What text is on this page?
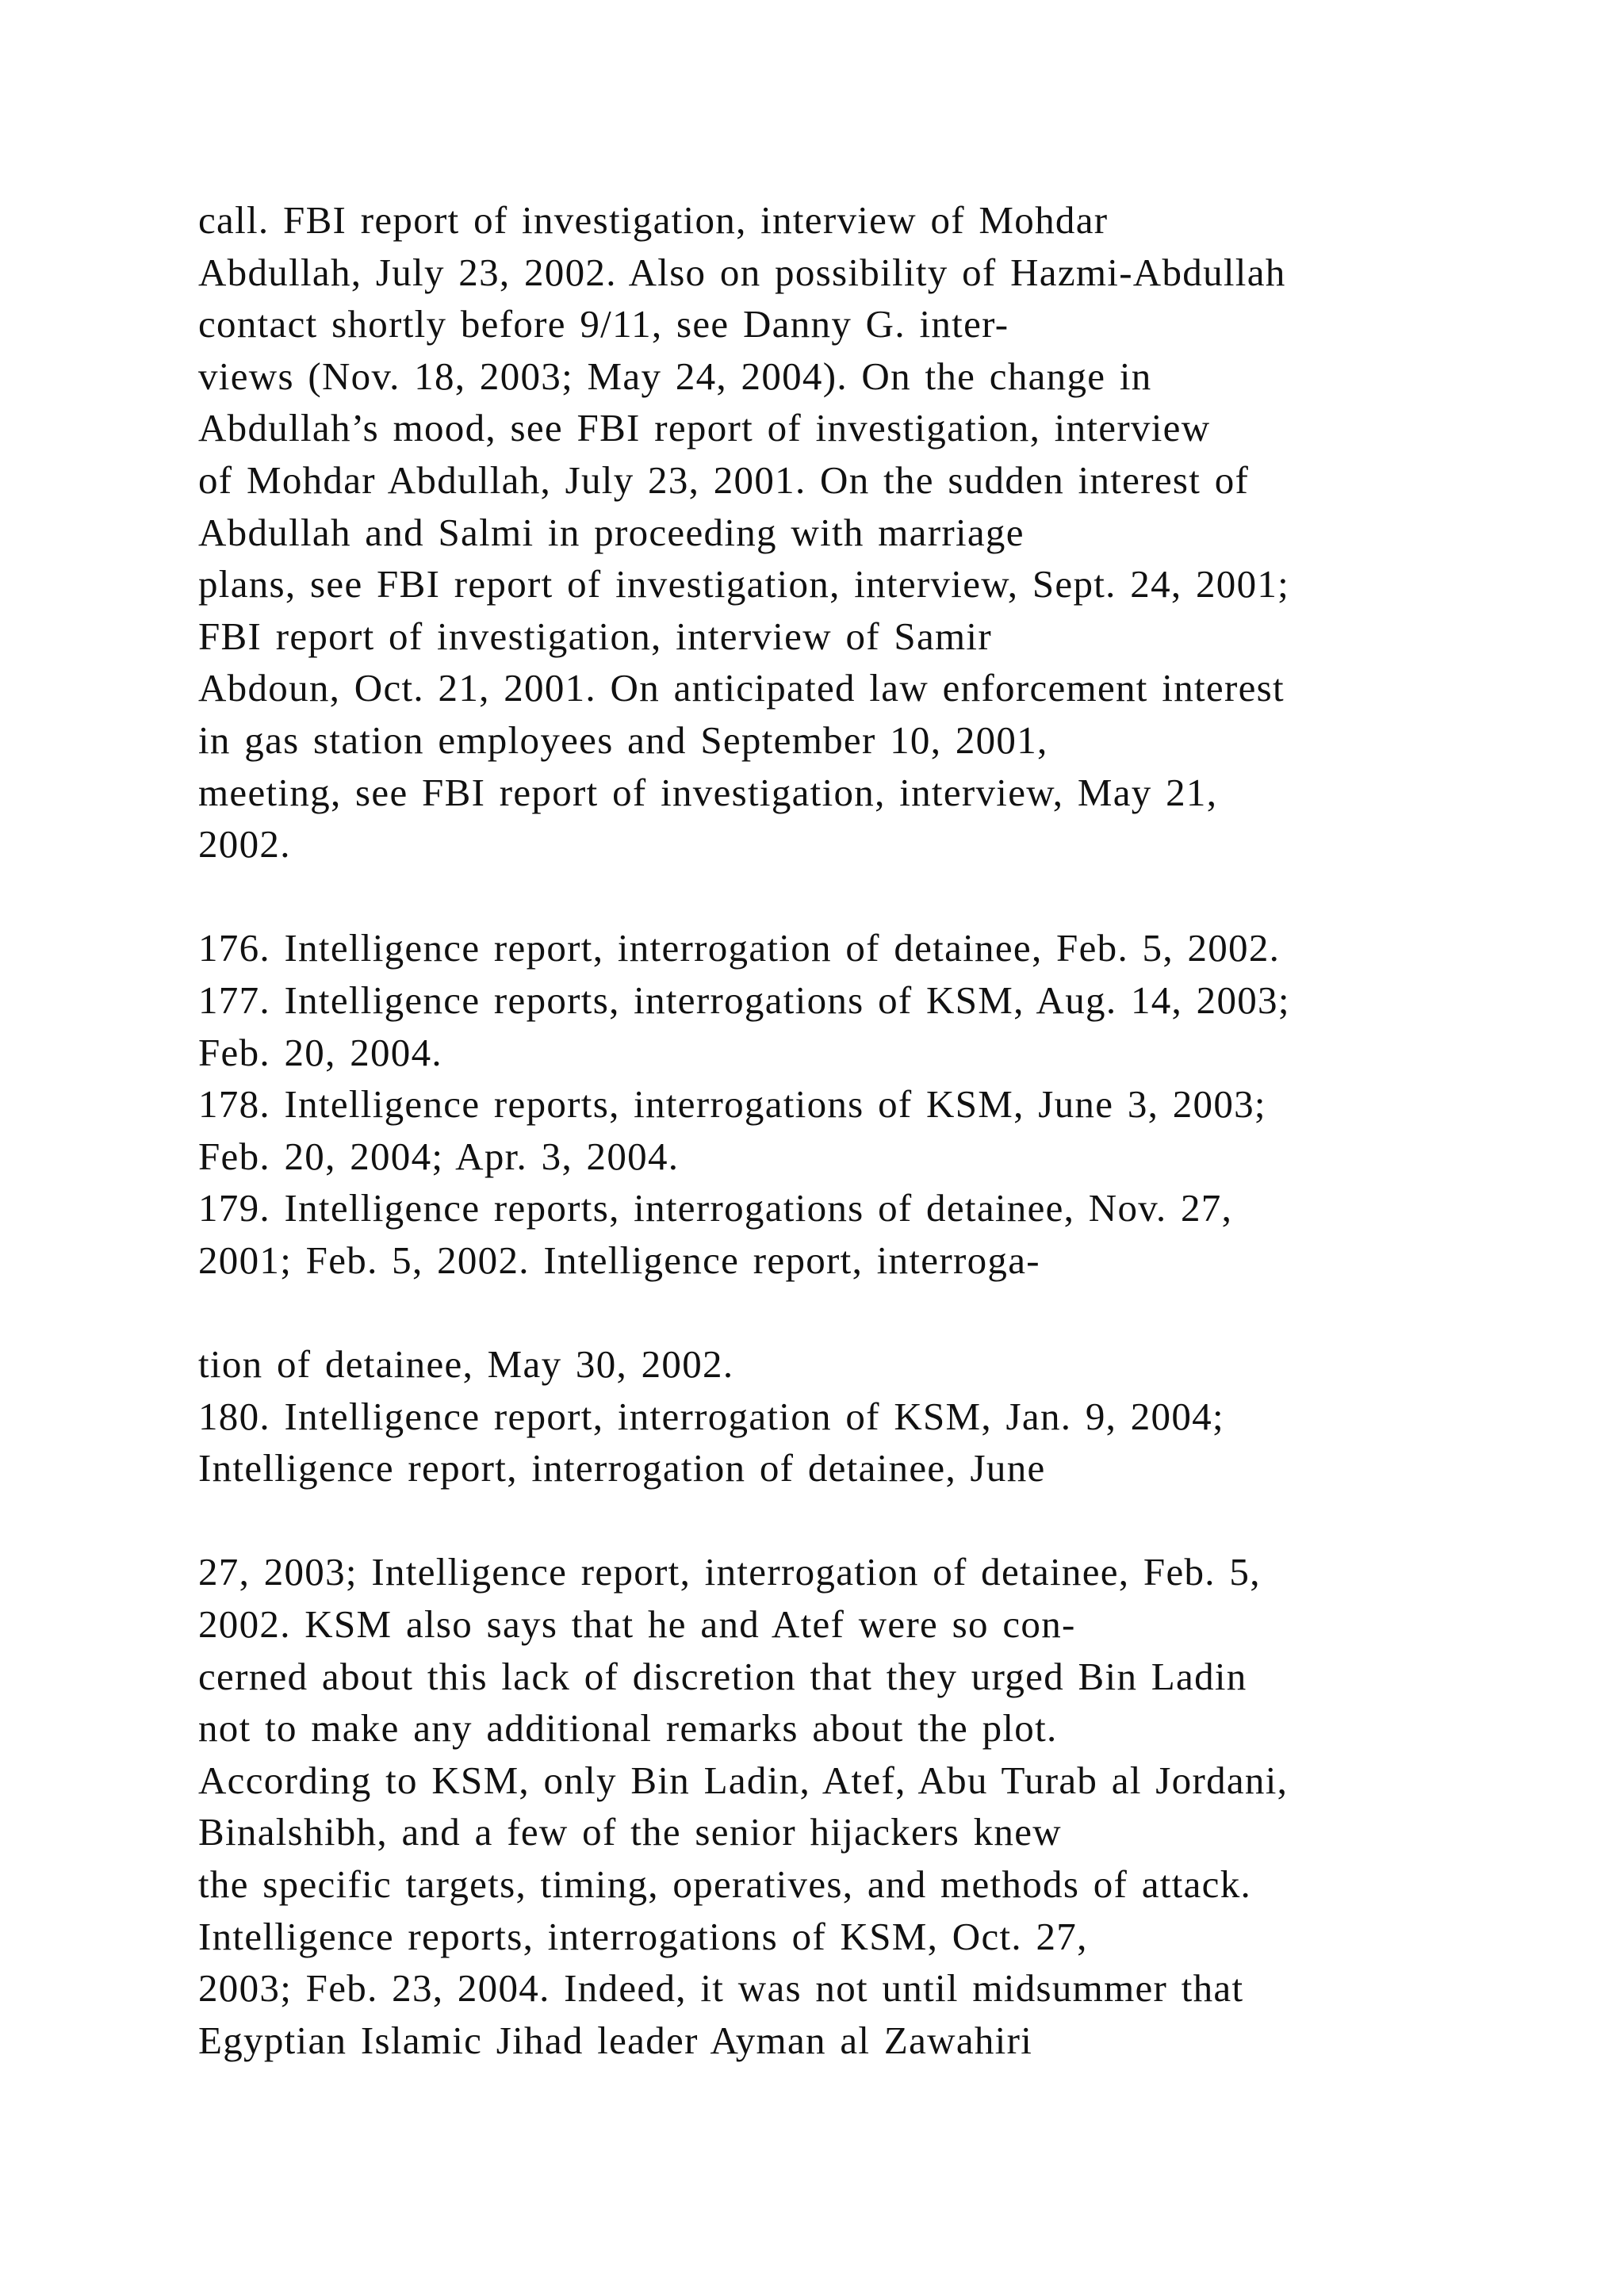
call. FBI report of investigation, interview of Mohdar
Abdullah, July 23, 2002. Also on possibility of Hazmi-Abdullah
contact shortly before 9/11, see Danny G. inter-
views (Nov. 18, 2003; May 24, 2004). On the change in
Abdullah’s mood, see FBI report of investigation, interview
of Mohdar Abdullah, July 23, 2001. On the sudden interest of
Abdullah and Salmi in proceeding with marriage
plans, see FBI report of investigation, interview, Sept. 24, 2001;
FBI report of investigation, interview of Samir
Abdoun, Oct. 21, 2001. On anticipated law enforcement interest
in gas station employees and September 10, 2001,
meeting, see FBI report of investigation, interview, May 21,
2002.
176. Intelligence report, interrogation of detainee, Feb. 5, 2002.
177. Intelligence reports, interrogations of KSM, Aug. 14, 2003;
Feb. 20, 2004.
178. Intelligence reports, interrogations of KSM, June 3, 2003;
Feb. 20, 2004; Apr. 3, 2004.
179. Intelligence reports, interrogations of detainee, Nov. 27,
2001; Feb. 5, 2002. Intelligence report, interroga-
tion of detainee, May 30, 2002.
180. Intelligence report, interrogation of KSM, Jan. 9, 2004;
Intelligence report, interrogation of detainee, June
27, 2003; Intelligence report, interrogation of detainee, Feb. 5,
2002. KSM also says that he and Atef were so con-
cerned about this lack of discretion that they urged Bin Ladin
not to make any additional remarks about the plot.
According to KSM, only Bin Ladin, Atef, Abu Turab al Jordani,
Binalshibh, and a few of the senior hijackers knew
the specific targets, timing, operatives, and methods of attack.
Intelligence reports, interrogations of KSM, Oct. 27,
2003; Feb. 23, 2004. Indeed, it was not until midsummer that
Egyptian Islamic Jihad leader Ayman al Zawahiri
